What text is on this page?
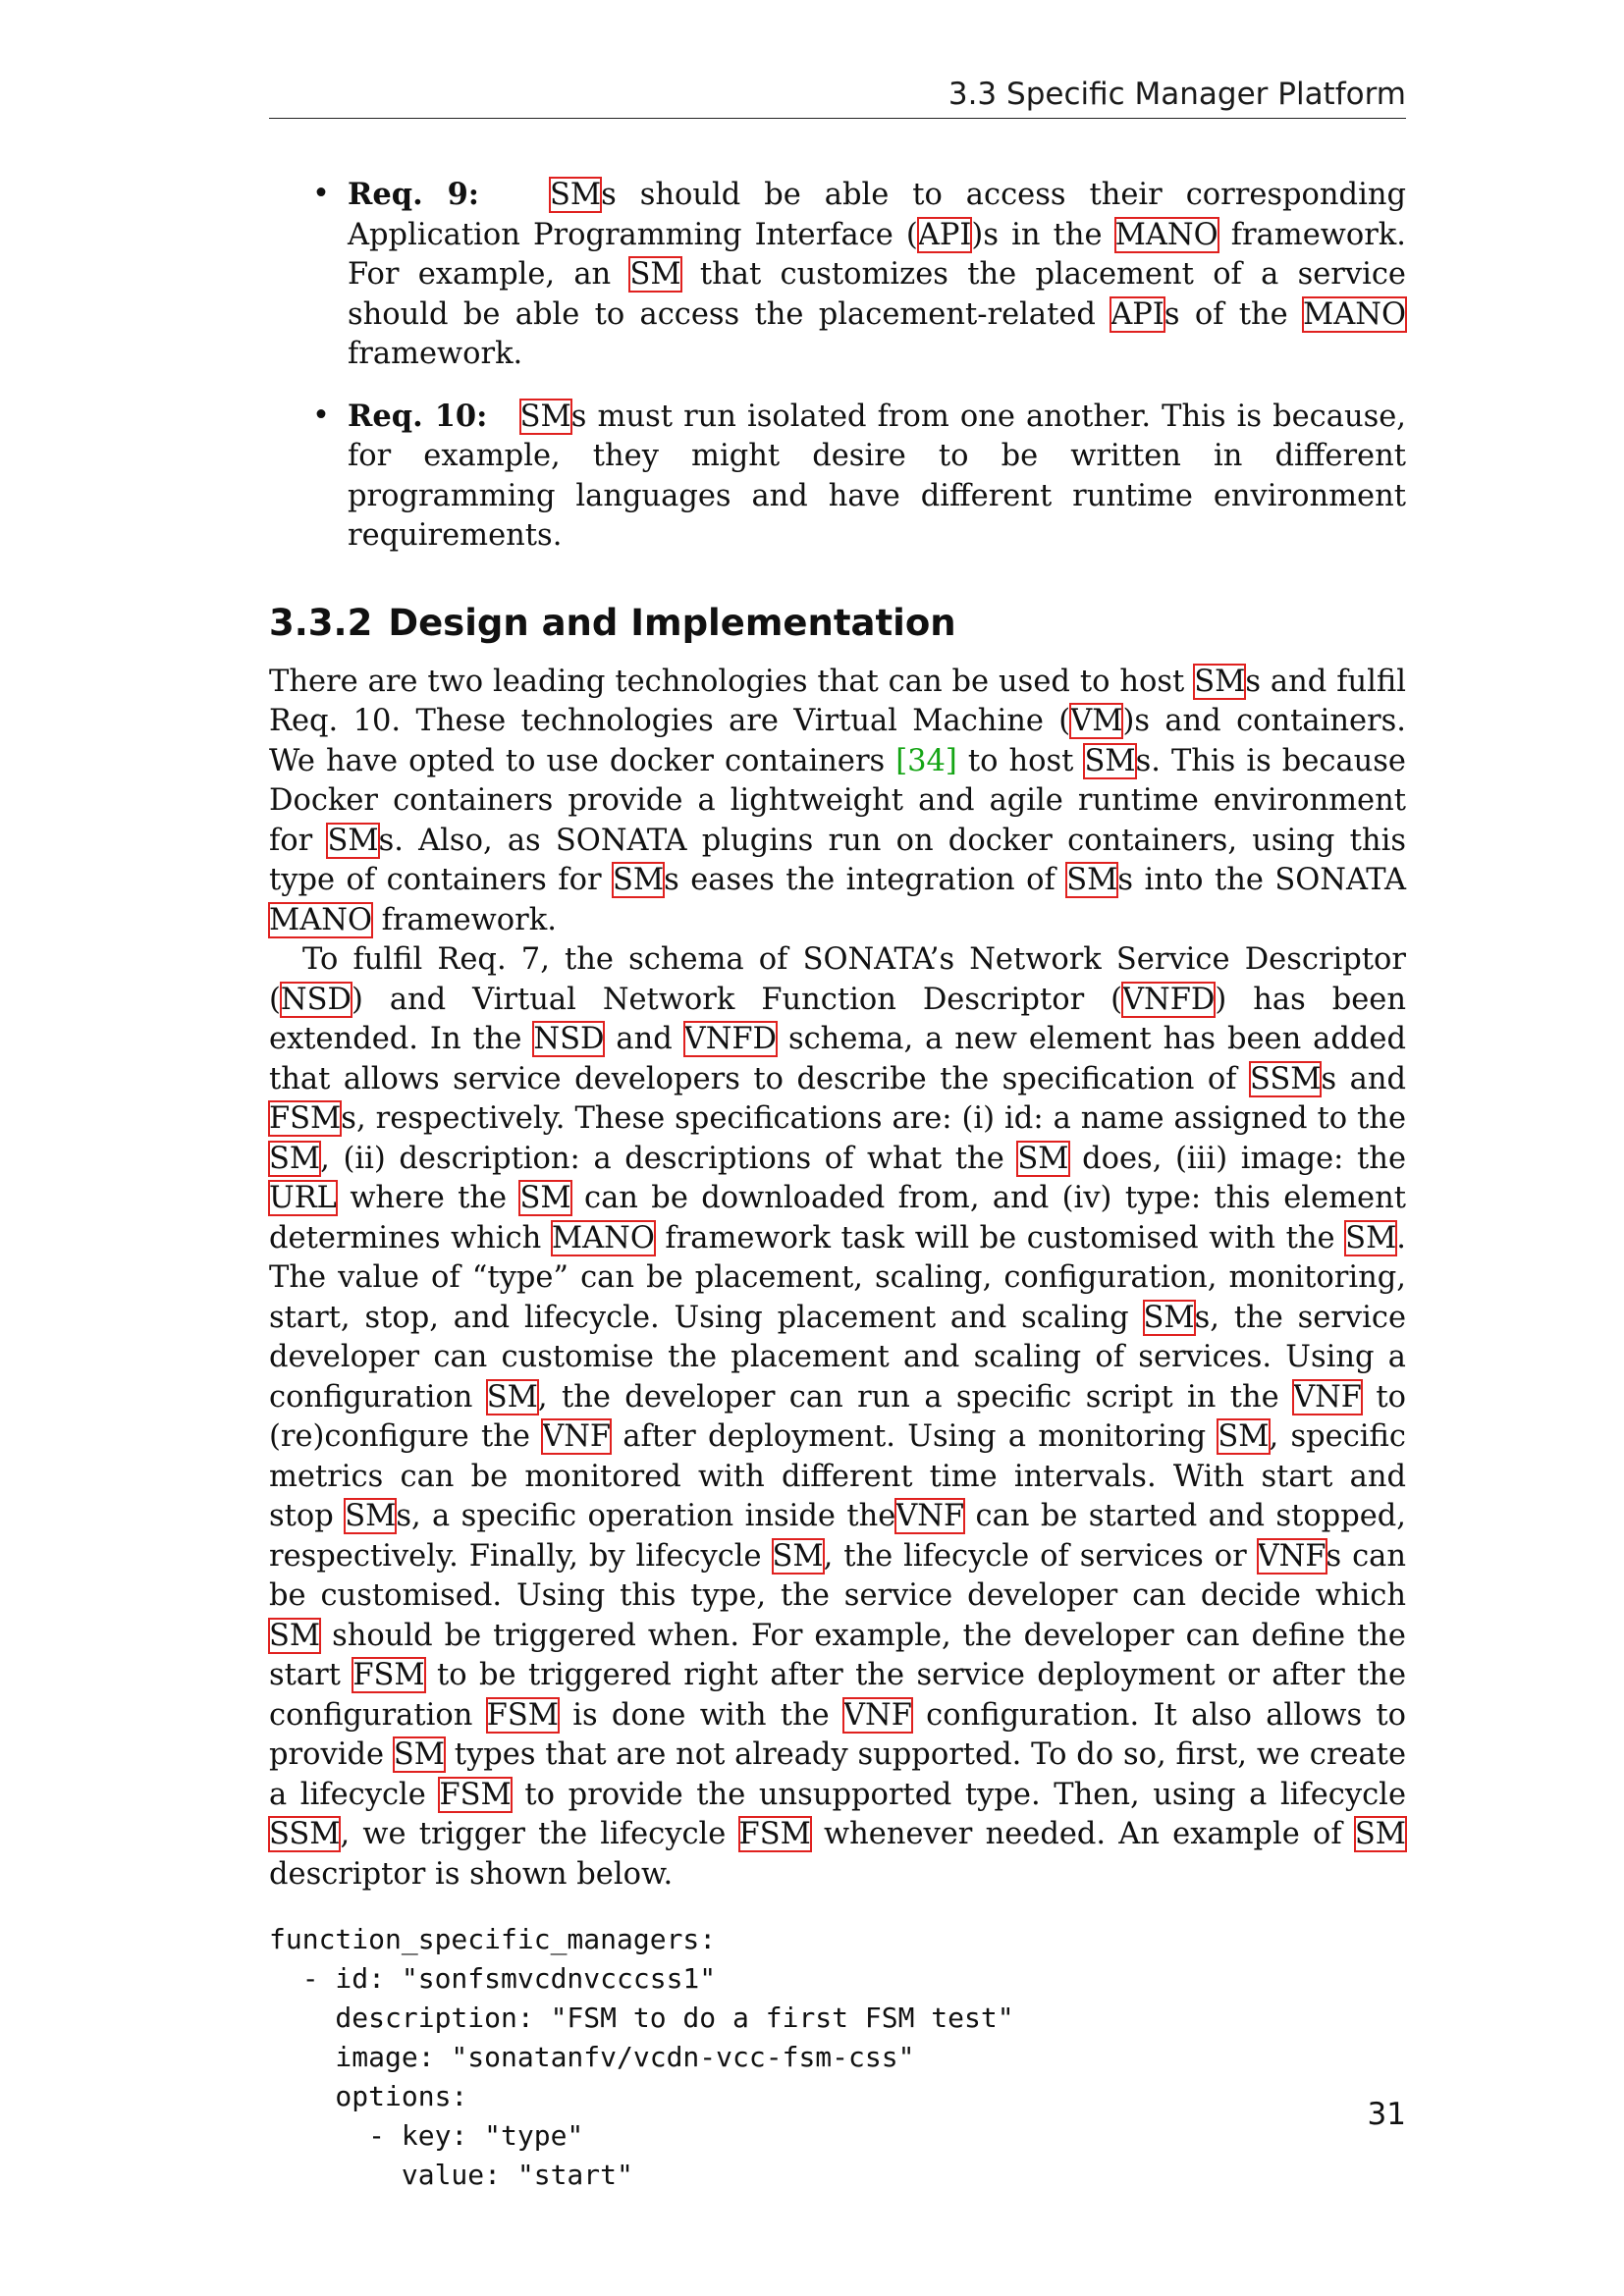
3.3 Specific Manager Platform
• Req. 9: SMs should be able to access their corresponding Application Programming Interface (API)s in the MANO framework. For example, an SM that customizes the placement of a service should be able to access the placement-related APIs of the MANO framework.
• Req. 10: SMs must run isolated from one another. This is because, for example, they might desire to be written in different programming languages and have different runtime environment requirements.
3.3.2 Design and Implementation

There are two leading technologies that can be used to host SMs and fulfil Req. 10. These technologies are Virtual Machine (VM)s and containers. We have opted to use docker containers [34] to host SMs. This is because Docker containers provide a lightweight and agile runtime environment for SMs. Also, as SONATA plugins run on docker containers, using this type of containers for SMs eases the integration of SMs into the SONATA MANO framework.

To fulfil Req. 7, the schema of SONATA’s Network Service Descriptor (NSD) and Virtual Network Function Descriptor (VNFD) has been extended. In the NSD and VNFD schema, a new element has been added that allows service developers to describe the specification of SSMs and FSMs, respectively. These specifications are: (i) id: a name assigned to the SM, (ii) description: a descriptions of what the SM does, (iii) image: the URL where the SM can be downloaded from, and (iv) type: this element determines which MANO framework task will be customised with the SM. The value of “type” can be placement, scaling, configuration, monitoring, start, stop, and lifecycle. Using placement and scaling SMs, the service developer can customise the placement and scaling of services. Using a configuration SM, the developer can run a specific script in the VNF to (re)configure the VNF after deployment. Using a monitoring SM, specific metrics can be monitored with different time intervals. With start and stop SMs, a specific operation inside theVNF can be started and stopped, respectively. Finally, by lifecycle SM, the lifecycle of services or VNFs can be customised. Using this type, the service developer can decide which SM should be triggered when. For example, the developer can define the start FSM to be triggered right after the service deployment or after the configuration FSM is done with the VNF configuration. It also allows to provide SM types that are not already supported. To do so, first, we create a lifecycle FSM to provide the unsupported type. Then, using a lifecycle SSM, we trigger the lifecycle FSM whenever needed. An example of SM descriptor is shown below.

function_specific_managers:
- id: "sonfsmvcdnvcccss1"
description: "FSM to do a first FSM test"
image: "sonatanfv/vcdn-vcc-fsm-css"
options:
- key: "type"
value: "start"
31
